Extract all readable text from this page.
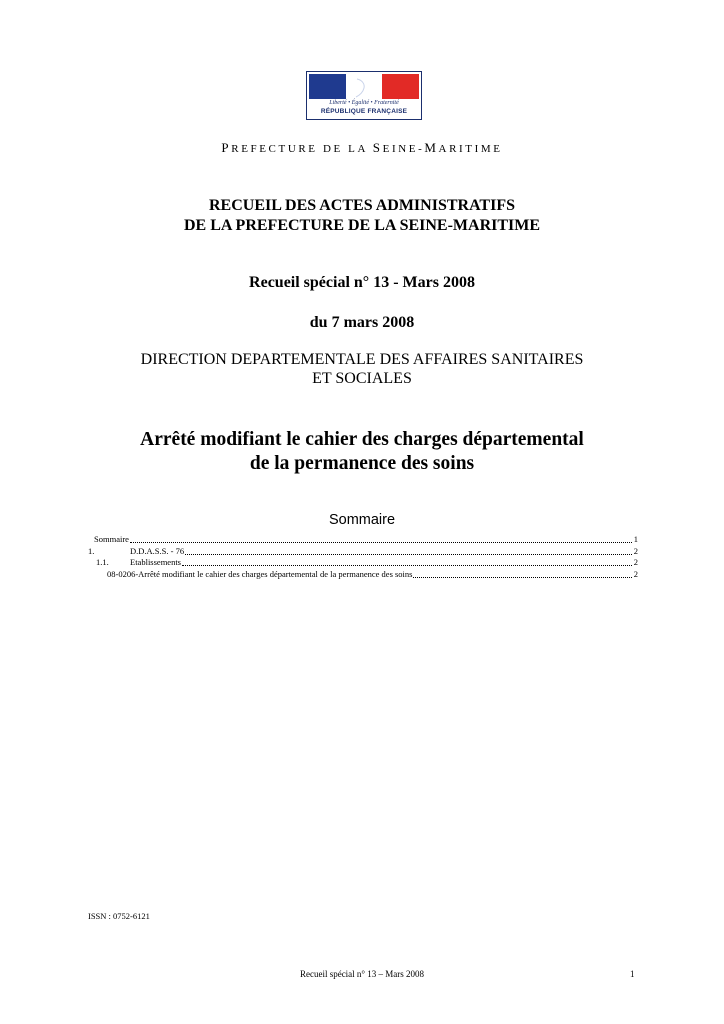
Liberté • Égalité • Fraternité
RÉPUBLIQUE FRANÇAISE
PREFECTURE DE LA SEINE-MARITIME
RECUEIL DES ACTES ADMINISTRATIFS
DE LA PREFECTURE DE LA SEINE-MARITIME
Recueil spécial n° 13 - Mars 2008
du 7 mars 2008
DIRECTION DEPARTEMENTALE DES AFFAIRES SANITAIRES
ET SOCIALES
Arrêté modifiant le cahier des charges départemental
de la permanence des soins
Sommaire
Sommaire	1
1.	D.D.A.S.S. - 76	2
1.1.	Etablissements	2
08-0206-Arrêté modifiant le cahier des charges départemental de la permanence des soins	2
ISSN : 0752-6121
Recueil spécial n° 13 – Mars 2008	1
